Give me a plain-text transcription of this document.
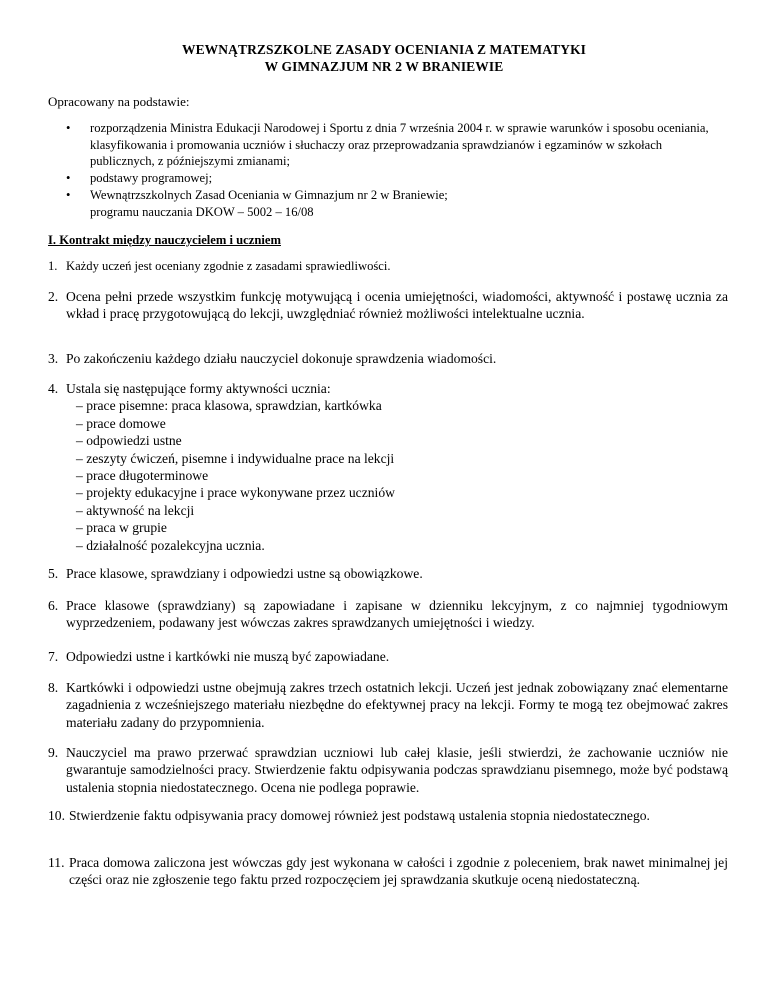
WEWNĄTRZSZKOLNE ZASADY OCENIANIA Z MATEMATYKI
W GIMNAZJUM NR 2 W BRANIEWIE
Opracowany na podstawie:
• rozporządzenia Ministra Edukacji Narodowej i Sportu z dnia 7 września 2004 r. w sprawie warunków i sposobu oceniania, klasyfikowania i promowania uczniów i słuchaczy oraz przeprowadzania sprawdzianów i egzaminów w szkołach publicznych, z późniejszymi zmianami;
• podstawy programowej;
• Wewnątrzszkolnych Zasad Oceniania w Gimnazjum nr 2 w Braniewie;
programu nauczania DKOW – 5002 – 16/08
I. Kontrakt między nauczycielem i uczniem
1. Każdy uczeń jest oceniany zgodnie z zasadami sprawiedliwości.
2. Ocena pełni przede wszystkim funkcję motywującą i ocenia umiejętności, wiadomości, aktywność i postawę ucznia za wkład i pracę przygotowującą do lekcji, uwzględniać również możliwości intelektualne ucznia.
3. Po zakończeniu każdego działu nauczyciel dokonuje sprawdzenia wiadomości.
4. Ustala się następujące formy aktywności ucznia:
– prace pisemne: praca klasowa, sprawdzian, kartkówka
– prace domowe
– odpowiedzi ustne
– zeszyty ćwiczeń, pisemne i indywidualne prace na lekcji
– prace długoterminowe
– projekty edukacyjne i prace wykonywane przez uczniów
– aktywność na lekcji
– praca w grupie
– działalność pozalekcyjna ucznia.
5. Prace klasowe, sprawdziany i odpowiedzi ustne są obowiązkowe.
6. Prace klasowe (sprawdziany) są zapowiadane i zapisane w dzienniku lekcyjnym, z co najmniej tygodniowym wyprzedzeniem, podawany jest wówczas zakres sprawdzanych umiejętności i wiedzy.
7. Odpowiedzi ustne i kartkówki nie muszą być zapowiadane.
8. Kartkówki i odpowiedzi ustne obejmują zakres trzech ostatnich lekcji. Uczeń jest jednak zobowiązany znać elementarne zagadnienia z wcześniejszego materiału niezbędne do efektywnej pracy na lekcji. Formy te mogą tez obejmować zakres materiału zadany do przypomnienia.
9. Nauczyciel ma prawo przerwać sprawdzian uczniowi lub całej klasie, jeśli stwierdzi, że zachowanie uczniów nie gwarantuje samodzielności pracy. Stwierdzenie faktu odpisywania podczas sprawdzianu pisemnego, może być podstawą ustalenia stopnia niedostatecznego. Ocena nie podlega poprawie.
10. Stwierdzenie faktu odpisywania pracy domowej również jest podstawą ustalenia stopnia niedostatecznego.
11. Praca domowa zaliczona jest wówczas gdy jest wykonana w całości i zgodnie z poleceniem, brak nawet minimalnej jej części oraz nie zgłoszenie tego faktu przed rozpoczęciem jej sprawdzania skutkuje oceną niedostateczną.
